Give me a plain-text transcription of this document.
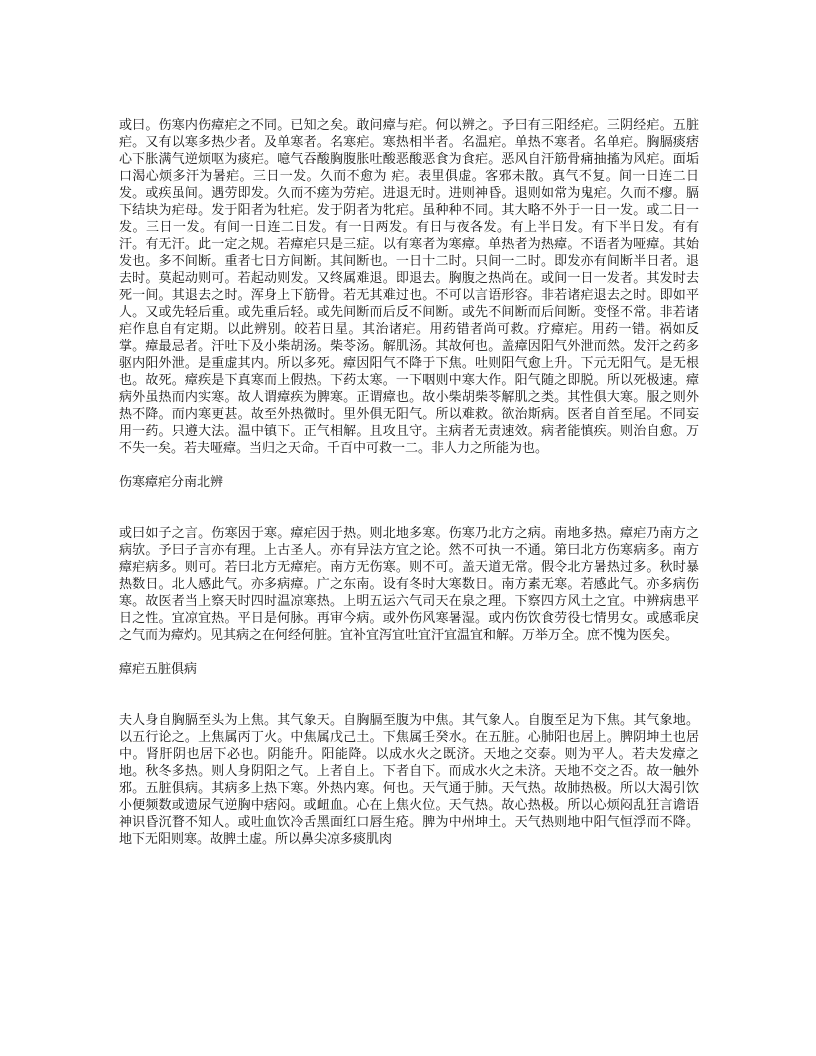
或曰。伤寒内伤瘴疟之不同。已知之矣。敢问瘴与疟。何以辨之。予曰有三阳经疟。三阴经疟。五脏疟。又有以寒多热少者。及单寒者。名寒疟。寒热相半者。名温疟。单热不寒者。名单疟。胸膈痰痞心下胀满气逆烦呕为痰疟。噫气吞酸胸腹胀吐酸恶酸恶食为食疟。恶风自汗筋骨痛抽搐为风疟。面垢口渴心烦多汗为暑疟。三日一发。久而不愈为 疟。表里俱虚。客邪未散。真气不复。间一日连二日发。或疾虽间。遇劳即发。久而不瘥为劳疟。进退无时。进则神昏。退则如常为鬼疟。久而不瘳。膈下结块为疟母。发于阳者为牡疟。发于阴者为牝疟。虽种种不同。其大略不外于一日一发。或二日一发。三日一发。有间一日连二日发。有一日两发。有日与夜各发。有上半日发。有下半日发。有有汗。有无汗。此一定之规。若瘴疟只是三症。以有寒者为寒瘴。单热者为热瘴。不语者为哑瘴。其始发也。多不间断。重者七日方间断。其间断也。一日十二时。只间一二时。即发亦有间断半日者。退去时。莫起动则可。若起动则发。又终属难退。即退去。胸腹之热尚在。或间一日一发者。其发时去死一间。其退去之时。浑身上下筋骨。若无其难过也。不可以言语形容。非若诸疟退去之时。即如平人。又或先轻后重。或先重后轻。或先间断而后反不间断。或先不间断而后间断。变怪不常。非若诸疟作息自有定期。以此辨别。皎若日星。其治诸疟。用药错者尚可救。疗瘴疟。用药一错。祸如反掌。瘴最忌者。汗吐下及小柴胡汤。柴苓汤。解肌汤。其故何也。盖瘴因阳气外泄而然。发汗之药多驱内阳外泄。是重虚其内。所以多死。瘴因阳气不降于下焦。吐则阳气愈上升。下元无阳气。是无根也。故死。瘴疾是下真寒而上假热。下药太寒。一下咽则中寒大作。阳气随之即脱。所以死极速。瘴病外虽热而内实寒。故人谓瘴疾为脾寒。正谓瘴也。故小柴胡柴苓解肌之类。其性俱大寒。服之则外热不降。而内寒更甚。故至外热微时。里外俱无阳气。所以难救。欲治斯病。医者自首至尾。不同妄用一药。只遵大法。温中镇下。正气相解。且攻且守。主病者无责速效。病者能慎疾。则治自愈。万不失一矣。若夫哑瘴。当归之天命。千百中可救一二。非人力之所能为也。

伤寒瘴疟分南北辨

或曰如子之言。伤寒因于寒。瘴疟因于热。则北地多寒。伤寒乃北方之病。南地多热。瘴疟乃南方之病欤。予曰子言亦有理。上古圣人。亦有异法方宜之论。然不可执一不通。第曰北方伤寒病多。南方瘴疟病多。则可。若曰北方无瘴疟。南方无伤寒。则不可。盖天道无常。假令北方暑热过多。秋时暴热数日。北人感此气。亦多病瘴。广之东南。设有冬时大寒数日。南方素无寒。若感此气。亦多病伤寒。故医者当上察天时四时温凉寒热。上明五运六气司天在泉之理。下察四方风土之宜。中辨病患平日之性。宜凉宜热。平日是何脉。再审今病。或外伤风寒暑湿。或内伤饮食劳役七情男女。或感乖戾之气而为瘴灼。见其病之在何经何脏。宜补宜泻宜吐宜汗宜温宜和解。万举万全。庶不愧为医矣。

瘴疟五脏俱病

夫人身自胸膈至头为上焦。其气象天。自胸膈至腹为中焦。其气象人。自腹至足为下焦。其气象地。以五行论之。上焦属丙丁火。中焦属戊己土。下焦属壬癸水。在五脏。心肺阳也居上。脾阴坤土也居中。肾肝阴也居下必也。阴能升。阳能降。以成水火之既济。天地之交泰。则为平人。若夫发瘴之地。秋冬多热。则人身阴阳之气。上者自上。下者自下。而成水火之未济。天地不交之否。故一触外邪。五脏俱病。其病多上热下寒。外热内寒。何也。天气通于肺。天气热。故肺热极。所以大渴引饮小便频数或遗尿气逆胸中痞闷。或衄血。心在上焦火位。天气热。故心热极。所以心烦闷乱狂言谵语神识昏沉瞀不知人。或吐血饮冷舌黑面红口唇生疮。脾为中州坤土。天气热则地中阳气恒浮而不降。地下无阳则寒。故脾土虚。所以鼻尖凉多痰肌肉
